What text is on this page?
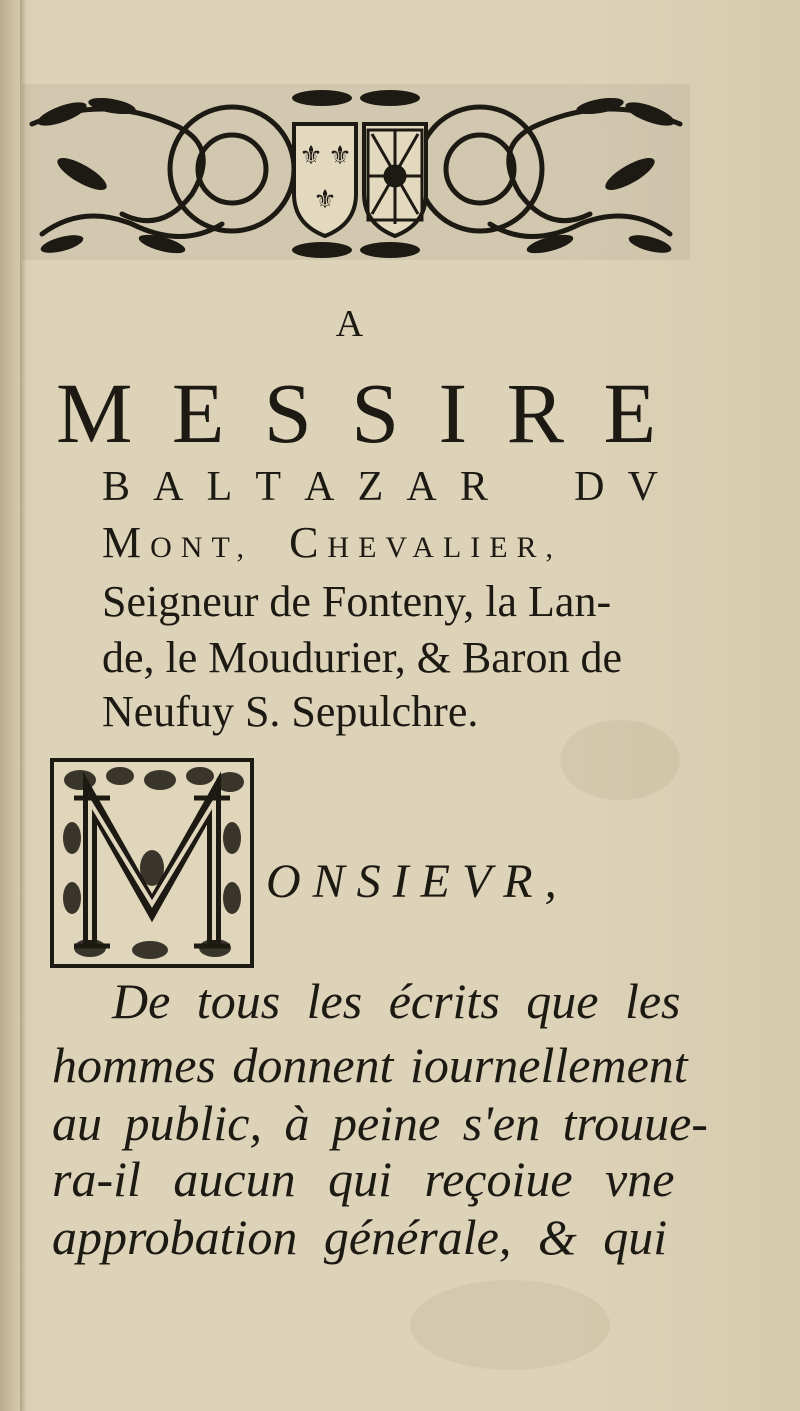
⚜ ⚜
⚜
A
M E S S I R E
B A L T A Z A R D V
MONT, CHEVALIER,
Seigneur de Fonteny, la Lan-
de, le Moudurier, & Baron de
Neufuy S. Sepulchre.
ONSIEVR,
De tous les écrits que les
hommes donnent iournellement
au public, à peine s'en trouue-
ra-il aucun qui reçoiue vne
approbation générale, & qui
